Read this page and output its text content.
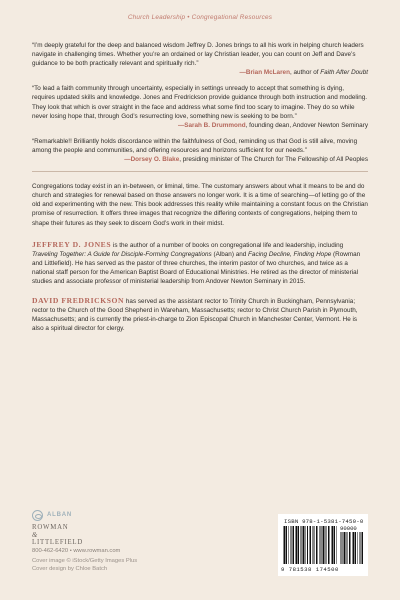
Church Leadership • Congregational Resources
“I’m deeply grateful for the deep and balanced wisdom Jeffrey D. Jones brings to all his work in helping church leaders navigate in challenging times. Whether you’re an ordained or lay Christian leader, you can count on Jeff and Dave’s guidance to be both practically relevant and spiritually rich.”
—Brian McLaren, author of Faith After Doubt
“To lead a faith community through uncertainty, especially in settings unready to accept that something is dying, requires updated skills and knowledge. Jones and Fredrickson provide guidance through both instruction and modeling. They look that which is over straight in the face and address what some find too scary to imagine. They do so while never losing hope that, through God’s resurrecting love, something new is seeking to be born.”
—Sarah B. Drummond, founding dean, Andover Newton Seminary
“Remarkable!! Brilliantly holds discordance within the faithfulness of God, reminding us that God is still alive, moving among the people and communities, and offering resources and horizons sufficient for our needs.”
—Dorsey O. Blake, presiding minister of The Church for The Fellowship of All Peoples

Congregations today exist in an in-between, or liminal, time. The customary answers about what it means to be and do church and strategies for renewal based on those answers no longer work. It is a time of searching—of letting go of the old and experimenting with the new. This book addresses this reality while maintaining a constant focus on the Christian promise of resurrection. It offers three images that recognize the differing contexts of congregations, helping them to shape their futures as they seek to discern God’s work in their midst.

JEFFREY D. JONES is the author of a number of books on congregational life and leadership, including Traveling Together: A Guide for Disciple-Forming Congregations (Alban) and Facing Decline, Finding Hope (Rowman and Littlefield). He has served as the pastor of three churches, the interim pastor of two churches, and twice as a national staff person for the American Baptist Board of Educational Ministries. He retired as the director of ministerial studies and associate professor of ministerial leadership from Andover Newton Seminary in 2015.

DAVID FREDRICKSON has served as the assistant rector to Trinity Church in Buckingham, Pennsylvania; rector to the Church of the Good Shepherd in Wareham, Massachusetts; rector to Christ Church Parish in Plymouth, Massachusetts; and is currently the priest-in-charge to Zion Episcopal Church in Manchester Center, Vermont. He is also a spiritual director for clergy.

ALBAN
ROWMAN
&
LITTLEFIELD
800-462-6420 • www.rowman.com
Cover image © iStock/Getty Images Plus
Cover design by Chloe Batch
ISBN 978-1-5381-7450-0
90000
9 781538 174500
